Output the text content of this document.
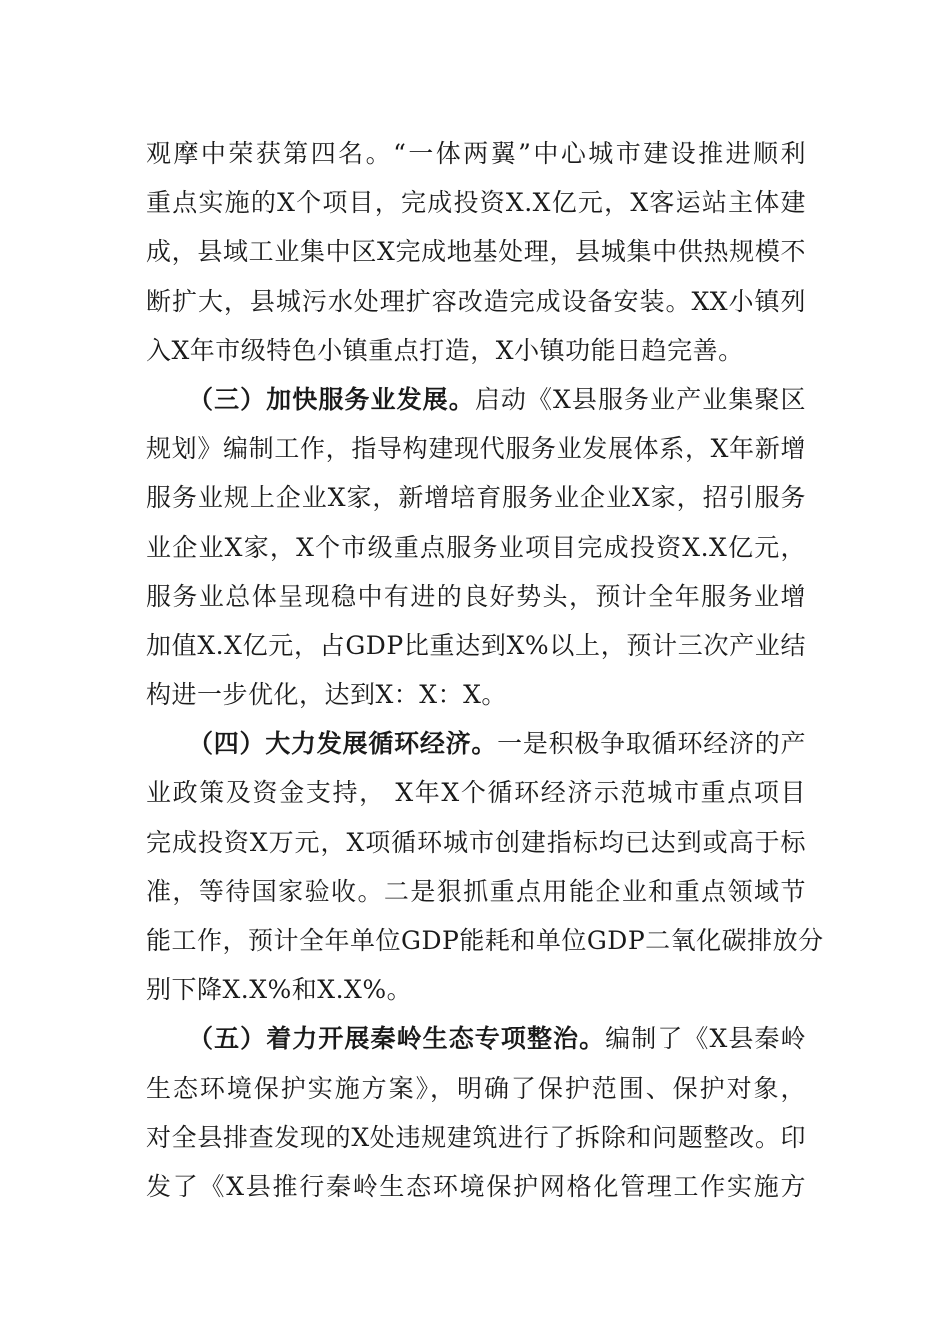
观摩中荣获第四名。“一体两翼”中心城市建设推进顺利
重点实施的X个项目，完成投资X.X亿元，X客运站主体建
成，县域工业集中区X完成地基处理，县城集中供热规模不
断扩大，县城污水处理扩容改造完成设备安装。XX小镇列
入X年市级特色小镇重点打造，X小镇功能日趋完善。
（三）加快服务业发展。启动《X县服务业产业集聚区
规划》编制工作，指导构建现代服务业发展体系，X年新增
服务业规上企业X家，新增培育服务业企业X家，招引服务
业企业X家，X个市级重点服务业项目完成投资X.X亿元，
服务业总体呈现稳中有进的良好势头，预计全年服务业增
加值X.X亿元，占GDP比重达到X%以上，预计三次产业结
构进一步优化，达到X：X：X。
（四）大力发展循环经济。一是积极争取循环经济的产
业政策及资金支持， X年X个循环经济示范城市重点项目
完成投资X万元，X项循环城市创建指标均已达到或高于标
准，等待国家验收。二是狠抓重点用能企业和重点领域节
能工作，预计全年单位GDP能耗和单位GDP二氧化碳排放分
别下降X.X%和X.X%。
（五）着力开展秦岭生态专项整治。编制了《X县秦岭
生态环境保护实施方案》，明确了保护范围、保护对象，
对全县排查发现的X处违规建筑进行了拆除和问题整改。印
发了《X县推行秦岭生态环境保护网格化管理工作实施方
